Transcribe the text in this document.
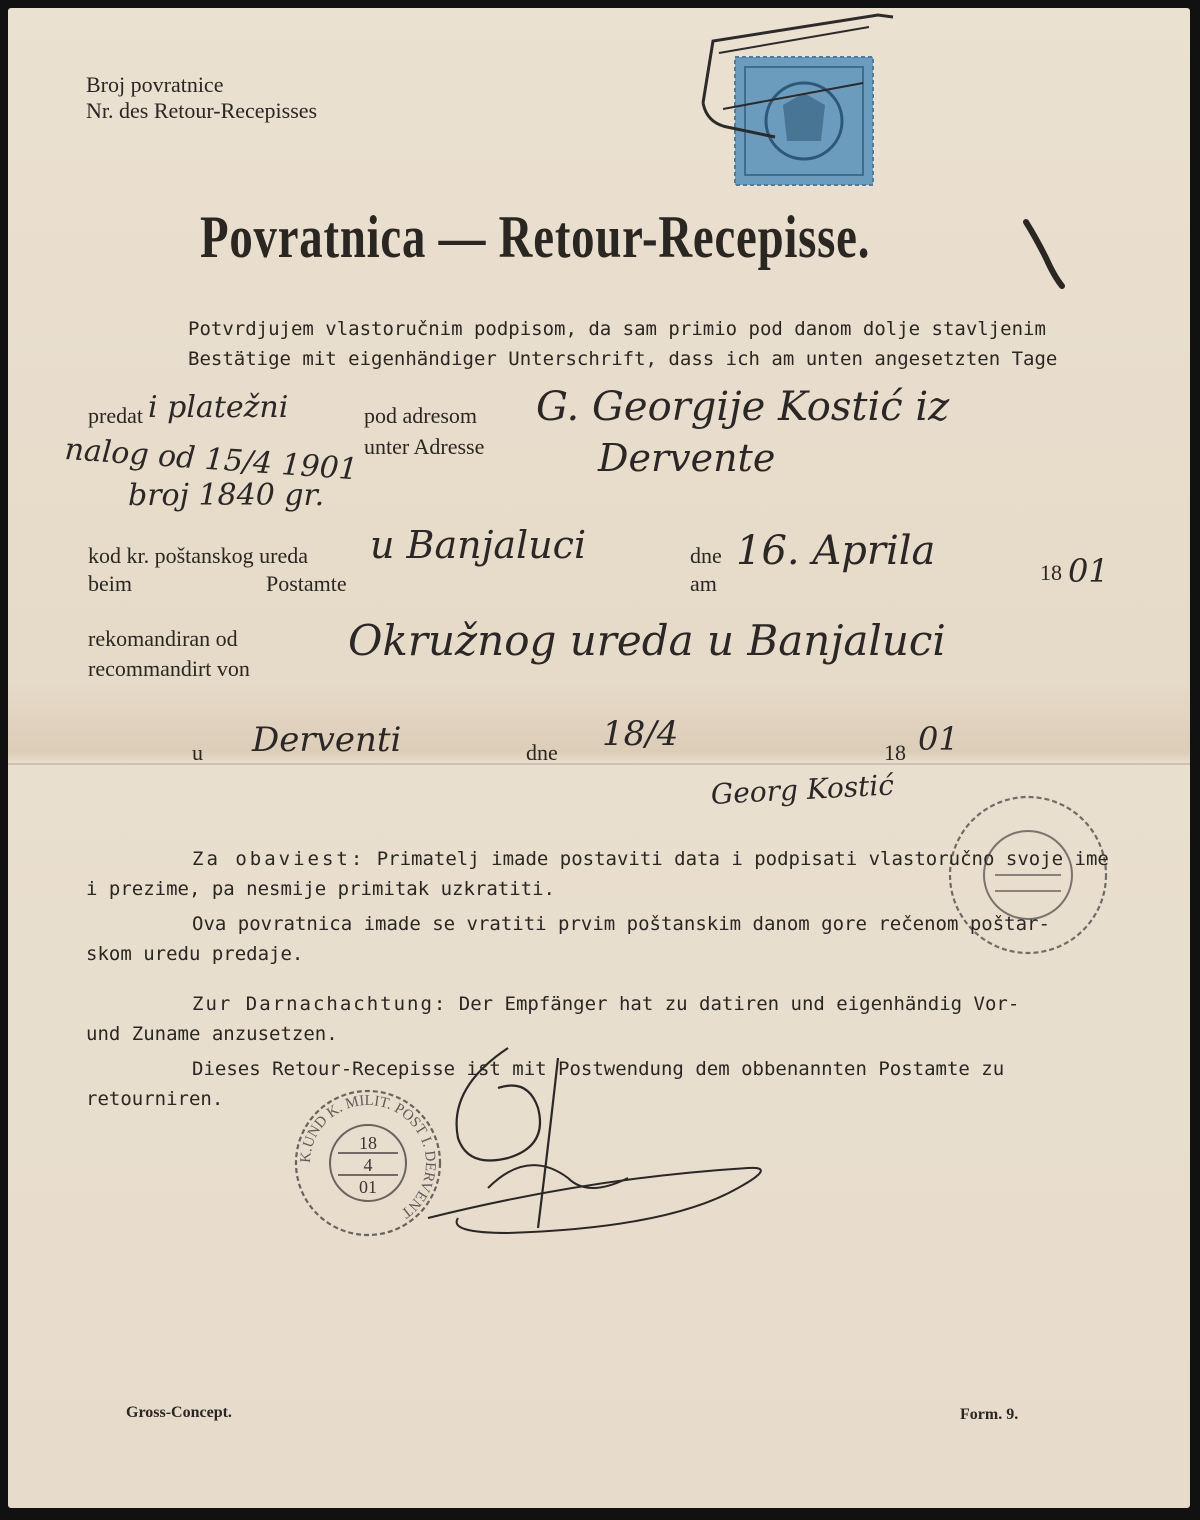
Broj povratnice
Nr. des Retour-Recepisses
Povratnica — Retour-Recepisse.
Potvrdjujem vlastoručnim podpisom, da sam primio pod danom dolje stavljenim
Bestätige mit eigenhändiger Unterschrift, dass ich am unten angesetzten Tage
predat	pod adresom
unter Adresse
i platežni
nalog od 15/4 1901
broj 1840 gr.
G. Georgije Kostić iz
Dervente
kod kr. poštanskog ureda
beim	Postamte
dne
am	18
u Banjaluci	16. Aprila	01
rekomandiran od
recommandirt von
Okružnog ureda u Banjaluci
u	dne	18
Derventi	18/4	01
Georg Kostić
Za obaviest: Primatelj imade postaviti data i podpisati vlastoručno svoje ime
i prezime, pa nesmije primitak uzkratiti.
Ova povratnica imade se vratiti prvim poštanskim danom gore rečenom poštar-
skom uredu predaje.
Zur Darnachachtung: Der Empfänger hat zu datiren und eigenhändig Vor-
und Zuname anzusetzen.
Dieses Retour-Recepisse ist mit Postwendung dem obbenannten Postamte zu
retourniren.
K.UND K. MILIT. POST I. DERVENT
18
4
01
Gross-Concept.	Form. 9.
